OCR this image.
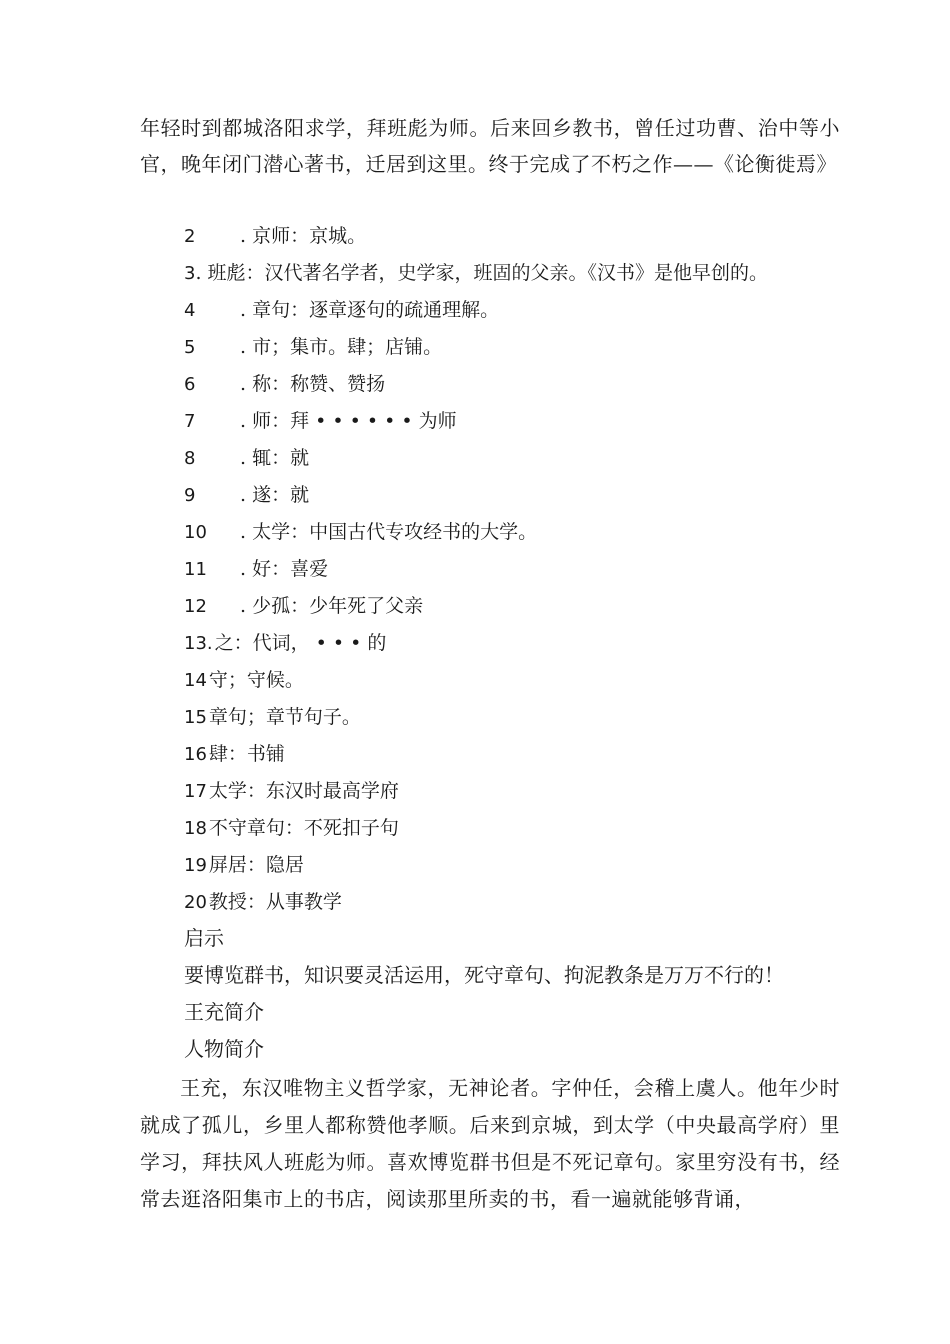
年轻时到都城洛阳求学，拜班彪为师。后来回乡教书，曾任过功曹、治中等小官，晚年闭门潜心著书，迁居到这里。终于完成了不朽之作——《论衡徙焉》
2 . 京师：京城。
3. 班彪：汉代著名学者，史学家，班固的父亲。《汉书》是他早创的。
4 . 章句：逐章逐句的疏通理解。
5 . 市；集市。肆；店铺。
6 . 称：称赞、赞扬
7 . 师：拜 • • • • • • 为师
8 . 辄：就
9 . 遂：就
10 . 太学：中国古代专攻经书的大学。
11 . 好：喜爱
12 . 少孤：少年死了父亲
13. 之：代词， • • • 的
14 守；守候。
15 章句；章节句子。
16 肆：书铺
17 太学：东汉时最高学府
18 不守章句：不死扣子句
19 屏居：隐居
20 教授：从事教学
启示
要博览群书，知识要灵活运用，死守章句、拘泥教条是万万不行的！
王充简介
人物简介
王充，东汉唯物主义哲学家，无神论者。字仲任，会稽上虞人。他年少时就成了孤儿，乡里人都称赞他孝顺。后来到京城，到太学（中央最高学府）里学习，拜扶风人班彪为师。喜欢博览群书但是不死记章句。家里穷没有书，经常去逛洛阳集市上的书店，阅读那里所卖的书，看一遍就能够背诵，
